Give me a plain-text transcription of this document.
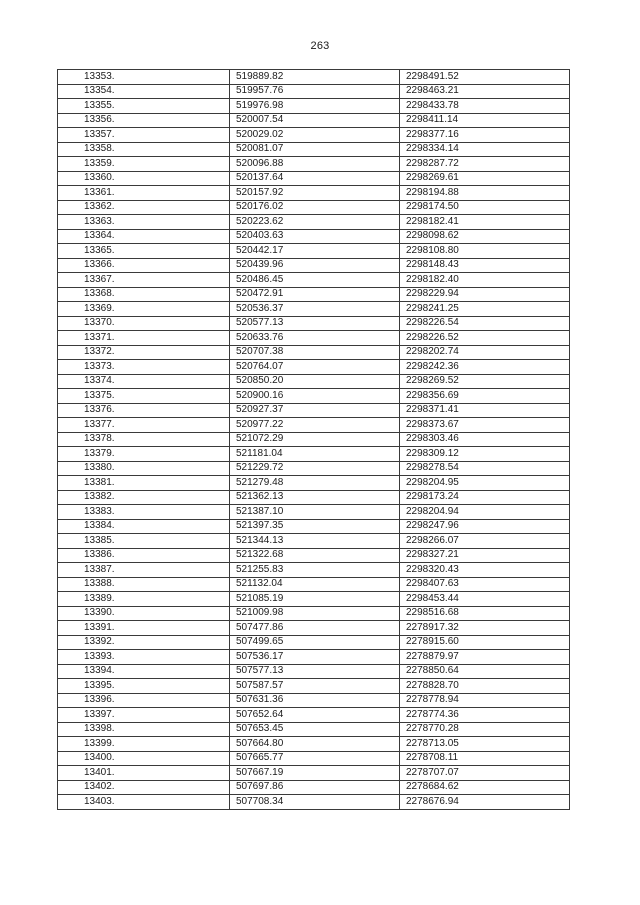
263
13353.	519889.82	2298491.52
13354.	519957.76	2298463.21
13355.	519976.98	2298433.78
13356.	520007.54	2298411.14
13357.	520029.02	2298377.16
13358.	520081.07	2298334.14
13359.	520096.88	2298287.72
13360.	520137.64	2298269.61
13361.	520157.92	2298194.88
13362.	520176.02	2298174.50
13363.	520223.62	2298182.41
13364.	520403.63	2298098.62
13365.	520442.17	2298108.80
13366.	520439.96	2298148.43
13367.	520486.45	2298182.40
13368.	520472.91	2298229.94
13369.	520536.37	2298241.25
13370.	520577.13	2298226.54
13371.	520633.76	2298226.52
13372.	520707.38	2298202.74
13373.	520764.07	2298242.36
13374.	520850.20	2298269.52
13375.	520900.16	2298356.69
13376.	520927.37	2298371.41
13377.	520977.22	2298373.67
13378.	521072.29	2298303.46
13379.	521181.04	2298309.12
13380.	521229.72	2298278.54
13381.	521279.48	2298204.95
13382.	521362.13	2298173.24
13383.	521387.10	2298204.94
13384.	521397.35	2298247.96
13385.	521344.13	2298266.07
13386.	521322.68	2298327.21
13387.	521255.83	2298320.43
13388.	521132.04	2298407.63
13389.	521085.19	2298453.44
13390.	521009.98	2298516.68
13391.	507477.86	2278917.32
13392.	507499.65	2278915.60
13393.	507536.17	2278879.97
13394.	507577.13	2278850.64
13395.	507587.57	2278828.70
13396.	507631.36	2278778.94
13397.	507652.64	2278774.36
13398.	507653.45	2278770.28
13399.	507664.80	2278713.05
13400.	507665.77	2278708.11
13401.	507667.19	2278707.07
13402.	507697.86	2278684.62
13403.	507708.34	2278676.94
